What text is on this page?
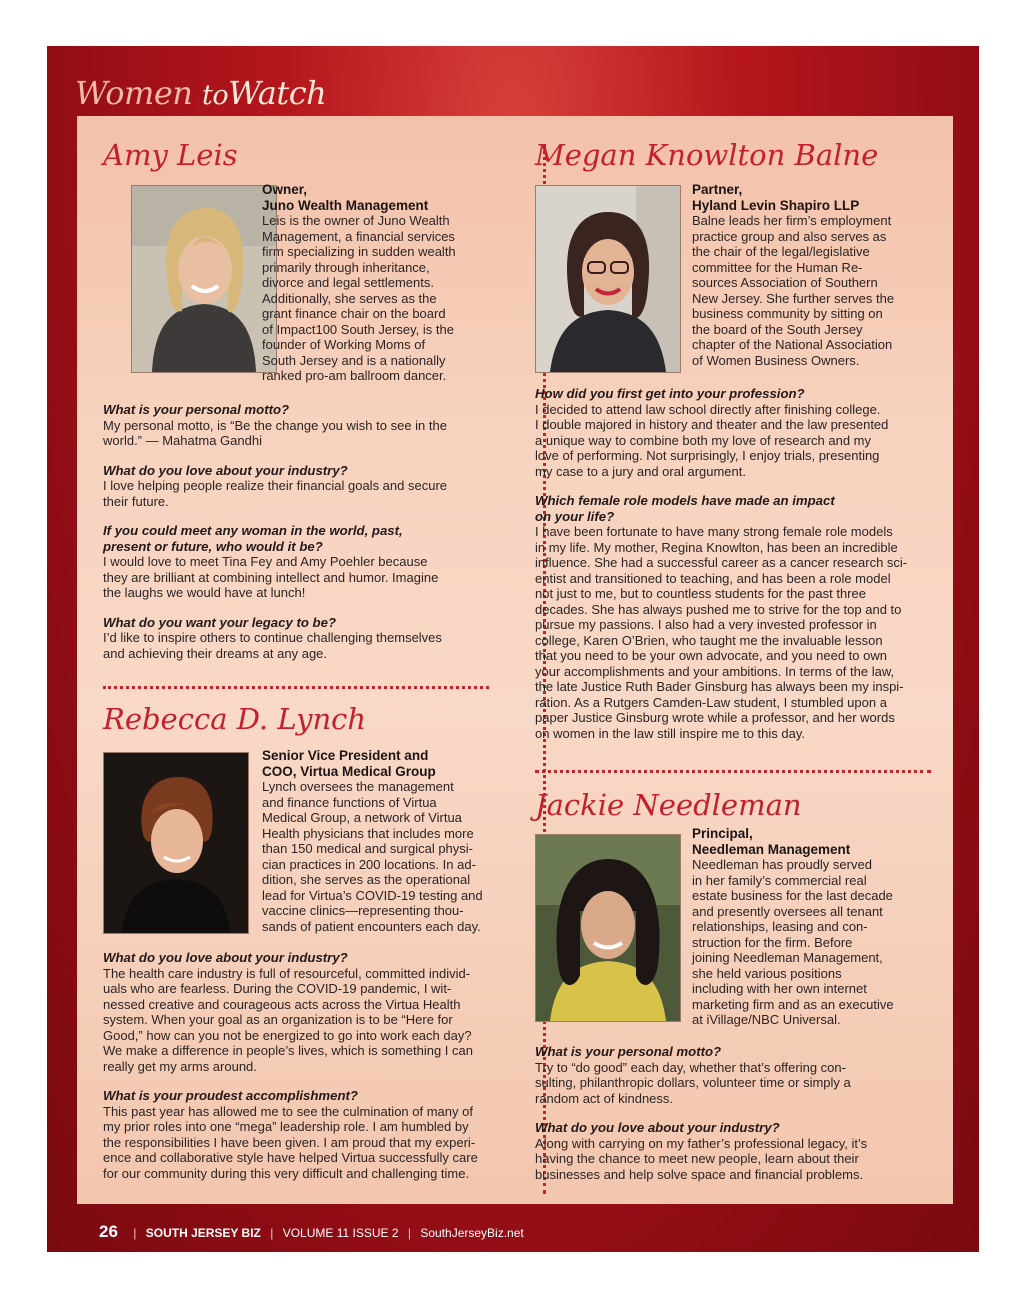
Women toWatch
Amy Leis
Owner,
Juno Wealth Management

Leis is the owner of Juno Wealth

Management, a financial services

firm specializing in sudden wealth

primarily through inheritance,

divorce and legal settlements.

Additionally, she serves as the

grant finance chair on the board

of Impact100 South Jersey, is the

founder of Working Moms of

South Jersey and is a nationally

ranked pro-am ballroom dancer.

What is your personal motto?

My personal motto, is “Be the change you wish to see in the

world.” — Mahatma Gandhi

What do you love about your industry?

I love helping people realize their financial goals and secure

their future.

If you could meet any woman in the world, past,

present or future, who would it be?

I would love to meet Tina Fey and Amy Poehler because

they are brilliant at combining intellect and humor. Imagine

the laughs we would have at lunch!

What do you want your legacy to be?

I’d like to inspire others to continue challenging themselves

and achieving their dreams at any age.

Rebecca D. Lynch
Senior Vice President and
COO, Virtua Medical Group

Lynch oversees the management

and finance functions of Virtua

Medical Group, a network of Virtua

Health physicians that includes more

than 150 medical and surgical physi-

cian practices in 200 locations. In ad-

dition, she serves as the operational

lead for Virtua’s COVID-19 testing and

vaccine clinics—representing thou-

sands of patient encounters each day.

What do you love about your industry?

The health care industry is full of resourceful, committed individ-

uals who are fearless. During the COVID-19 pandemic, I wit-

nessed creative and courageous acts across the Virtua Health

system. When your goal as an organization is to be “Here for

Good,” how can you not be energized to go into work each day?

We make a difference in people’s lives, which is something I can

really get my arms around.

What is your proudest accomplishment?

This past year has allowed me to see the culmination of many of

my prior roles into one “mega” leadership role. I am humbled by

the responsibilities I have been given. I am proud that my experi-

ence and collaborative style have helped Virtua successfully care

for our community during this very difficult and challenging time.

Megan Knowlton Balne
Partner,
Hyland Levin Shapiro LLP

Balne leads her firm’s employment

practice group and also serves as

the chair of the legal/legislative

committee for the Human Re-

sources Association of Southern

New Jersey. She further serves the

business community by sitting on

the board of the South Jersey

chapter of the National Association

of Women Business Owners.

How did you first get into your profession?

I decided to attend law school directly after finishing college.

I double majored in history and theater and the law presented

a unique way to combine both my love of research and my

love of performing. Not surprisingly, I enjoy trials, presenting

my case to a jury and oral argument.

Which female role models have made an impact

on your life?

I have been fortunate to have many strong female role models

in my life. My mother, Regina Knowlton, has been an incredible

influence. She had a successful career as a cancer research sci-

entist and transitioned to teaching, and has been a role model

not just to me, but to countless students for the past three

decades. She has always pushed me to strive for the top and to

pursue my passions. I also had a very invested professor in

college, Karen O’Brien, who taught me the invaluable lesson

that you need to be your own advocate, and you need to own

your accomplishments and your ambitions. In terms of the law,

the late Justice Ruth Bader Ginsburg has always been my inspi-

ration. As a Rutgers Camden-Law student, I stumbled upon a

paper Justice Ginsburg wrote while a professor, and her words

on women in the law still inspire me to this day.

Jackie Needleman
Principal,
Needleman Management

Needleman has proudly served

in her family’s commercial real

estate business for the last decade

and presently oversees all tenant

relationships, leasing and con-

struction for the firm. Before

joining Needleman Management,

she held various positions

including with her own internet

marketing firm and as an executive

at iVillage/NBC Universal.

What is your personal motto?

Try to “do good” each day, whether that’s offering con-

sulting, philanthropic dollars, volunteer time or simply a

random act of kindness.

What do you love about your industry?

Along with carrying on my father’s professional legacy, it’s

having the chance to meet new people, learn about their

businesses and help solve space and financial problems.

26 | SOUTH JERSEY BIZ | VOLUME 11 ISSUE 2 | SouthJerseyBiz.net
